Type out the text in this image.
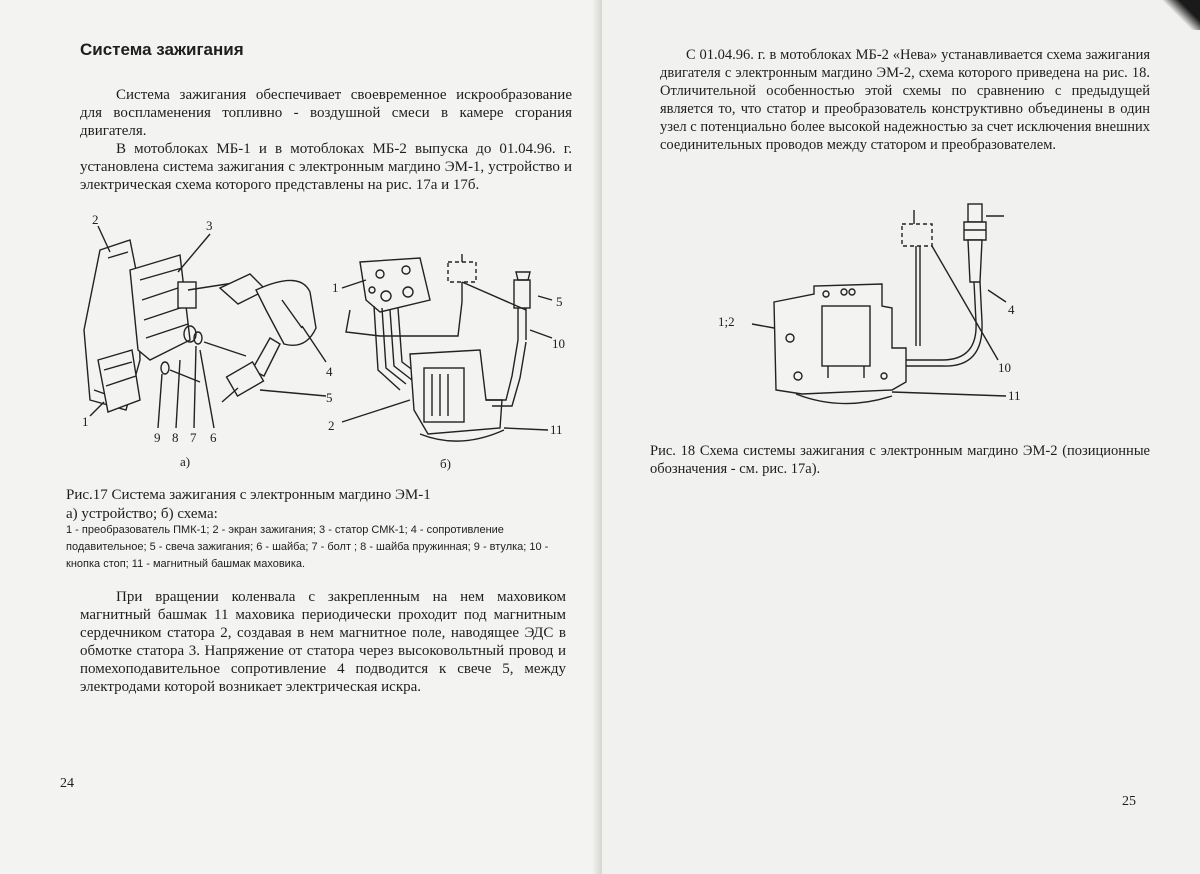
Система зажигания

Система зажигания обеспечивает своевременное искрообразование для воспламенения топливно - воздушной смеси в камере сгорания двигателя.

В мотоблоках МБ-1 и в мотоблоках МБ-2 выпуска до 01.04.96. г. установлена система зажигания с электронным магдино ЭМ-1, устройство и электрическая схема которого представлены на рис. 17а и 17б.

2	3
1
9 8 7 6
4
5
а)
5
10
1
2	11
б)

Рис.17 Система зажигания с электронным магдино ЭМ-1

а) устройство; б) схема:

1 - преобразователь ПМК-1; 2 - экран зажигания; 3 - статор СМК-1; 4 - сопротивление подавительное; 5 - свеча зажигания; 6 - шайба; 7 - болт ; 8 - шайба пружинная; 9 - втулка; 10 - кнопка стоп; 11 - магнитный башмак маховика.

При вращении коленвала с закрепленным на нем маховиком магнитный башмак 11 маховика периодически проходит под магнитным сердечником статора 2, создавая в нем магнитное поле, наводящее ЭДС в обмотке статора 3. Напряжение от статора через высоковольтный провод и помехоподавительное сопротивление 4 подводится к свече 5, между электродами которой возникает электрическая искра.

24

С 01.04.96. г. в мотоблоках МБ-2 «Нева» устанавливается схема зажигания двигателя с электронным магдино ЭМ-2, схема которого приведена на рис. 18. Отличительной особенностью этой схемы по сравнению с предыдущей является то, что статор и преобразователь конструктивно объединены в один узел с потенциально более высокой надежностью за счет исключения внешних соединительных проводов между статором и преобразователем.

1;2
4
10
11

Рис. 18 Схема системы зажигания с электронным магдино ЭМ-2 (позиционные обозначения - см. рис. 17а).

25
